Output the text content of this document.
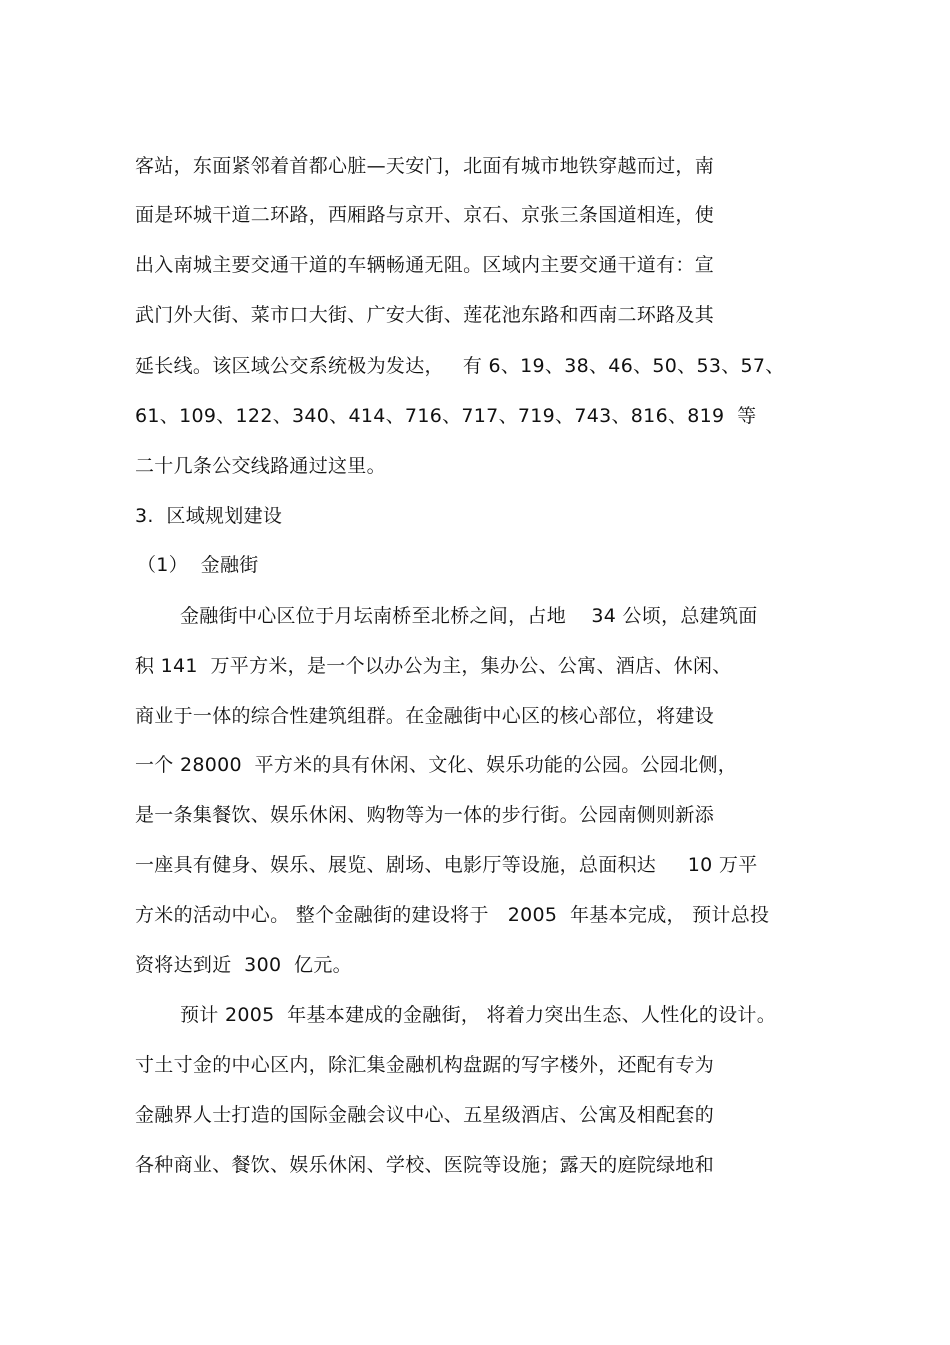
客站，东面紧邻着首都心脏—天安门，北面有城市地铁穿越而过，南
面是环城干道二环路，西厢路与京开、京石、京张三条国道相连，使
出入南城主要交通干道的车辆畅通无阻。区域内主要交通干道有：宣
武门外大街、菜市口大街、广安大街、莲花池东路和西南二环路及其
延长线。该区域公交系统极为发达，   有 6、19、38、46、50、53、57、
61、109、122、340、414、716、717、719、743、816、819  等
二十几条公交线路通过这里。
3.  区域规划建设
（1）  金融街
金融街中心区位于月坛南桥至北桥之间，占地    34 公顷，总建筑面
积 141  万平方米，是一个以办公为主，集办公、公寓、酒店、休闲、
商业于一体的综合性建筑组群。在金融街中心区的核心部位，将建设
一个 28000  平方米的具有休闲、文化、娱乐功能的公园。公园北侧，
是一条集餐饮、娱乐休闲、购物等为一体的步行街。公园南侧则新添
一座具有健身、娱乐、展览、剧场、电影厅等设施，总面积达     10 万平
方米的活动中心。 整个金融街的建设将于   2005  年基本完成， 预计总投
资将达到近  300  亿元。
预计 2005  年基本建成的金融街， 将着力突出生态、人性化的设计。
寸土寸金的中心区内，除汇集金融机构盘踞的写字楼外，还配有专为
金融界人士打造的国际金融会议中心、五星级酒店、公寓及相配套的
各种商业、餐饮、娱乐休闲、学校、医院等设施；露天的庭院绿地和
